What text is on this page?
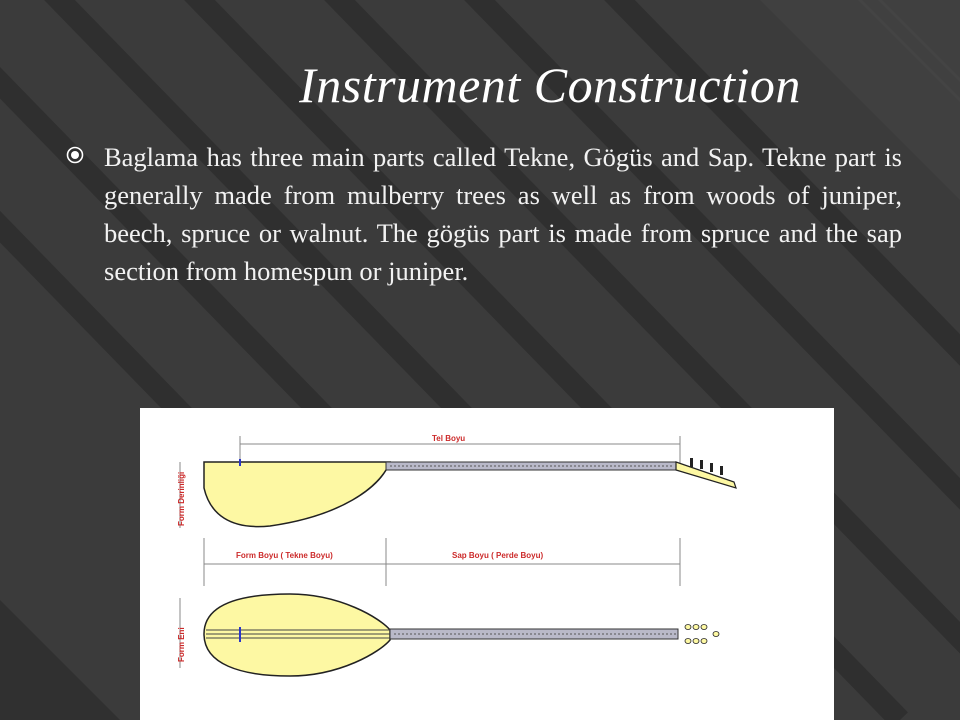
Instrument Construction

Baglama has three main parts called Tekne, Gögüs and Sap. Tekne part is generally made from mulberry trees as well as from woods of juniper, beech, spruce or walnut. The gögüs part is made from spruce and the sap section from homespun or juniper.

Tel Boyu
Form Derinliği
Form Boyu ( Tekne Boyu)	Sap Boyu ( Perde Boyu)
Form Eni
